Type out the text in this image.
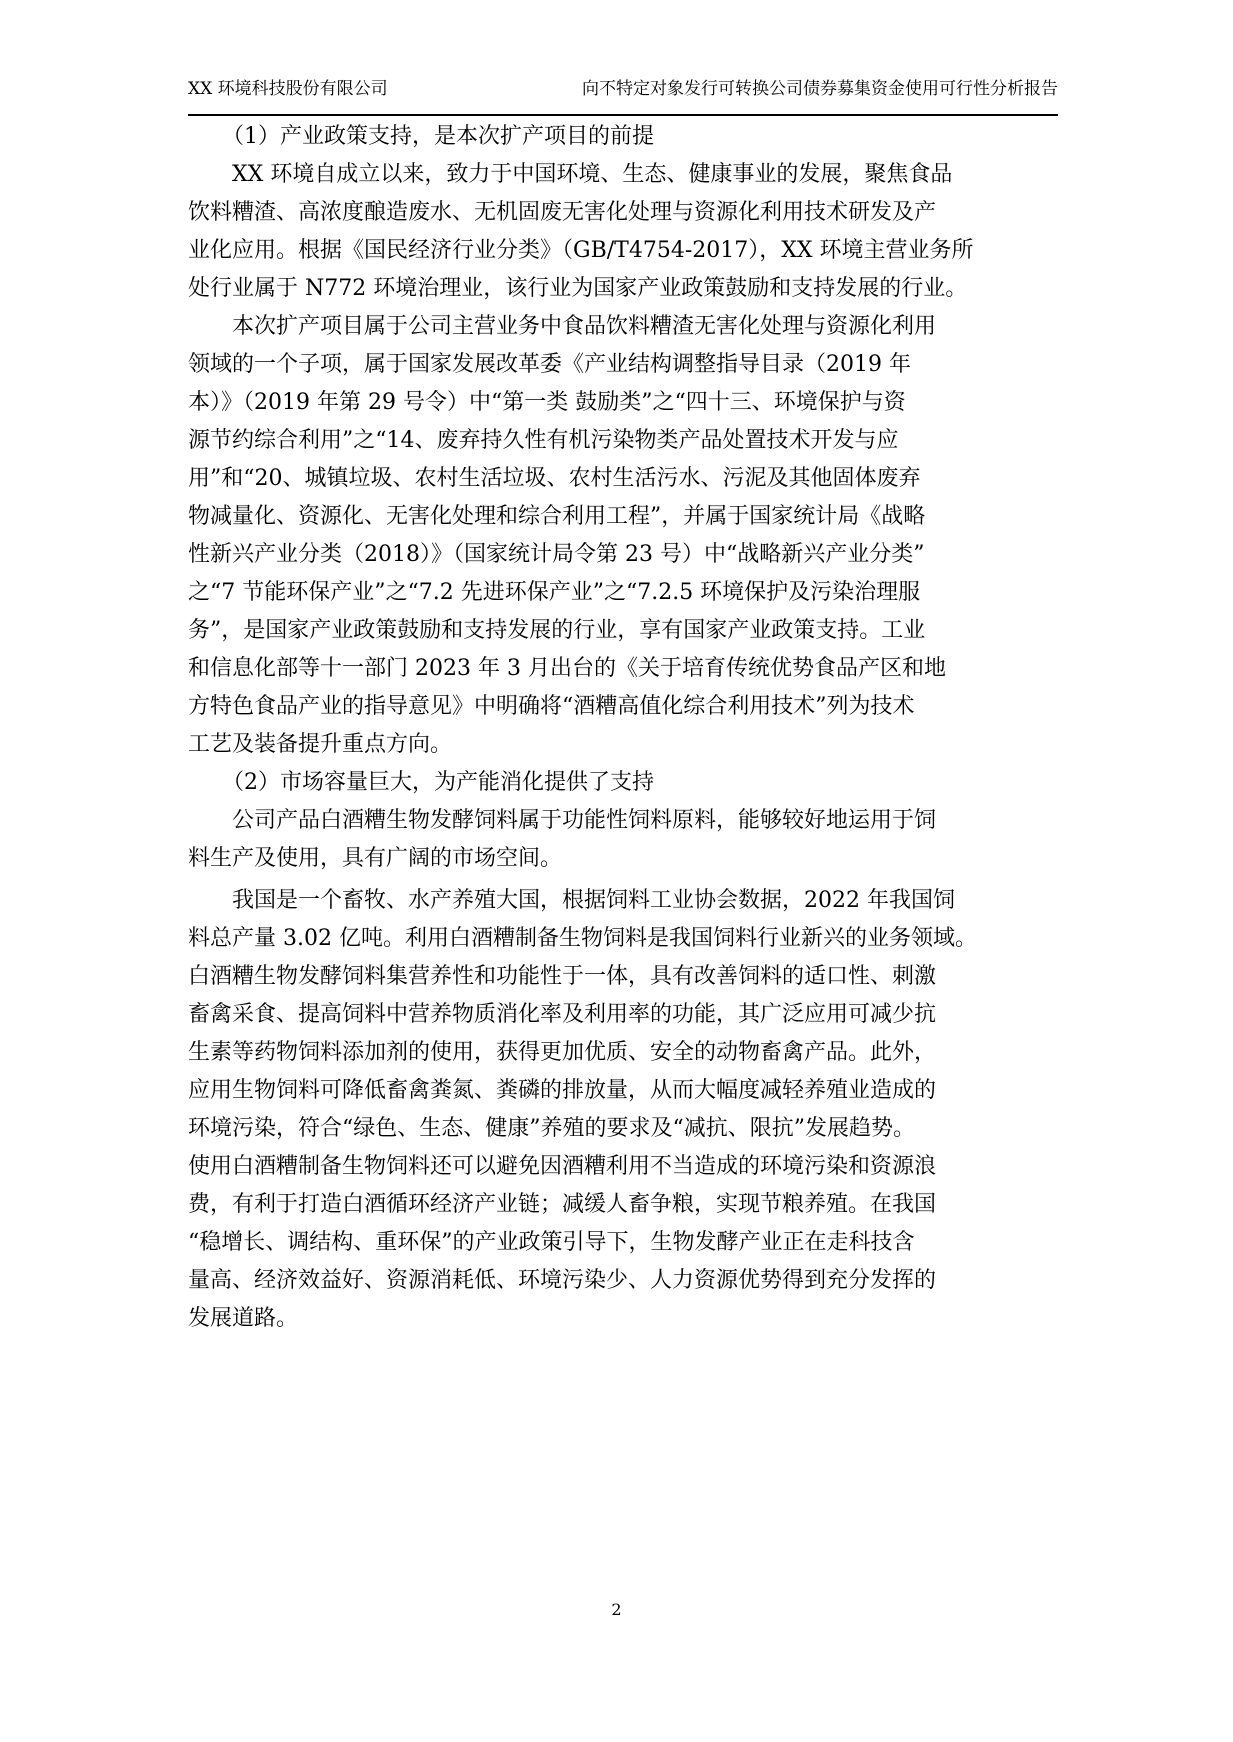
XX 环境科技股份有限公司	向不特定对象发行可转换公司债券募集资金使用可行性分析报告

（1）产业政策支持，是本次扩产项目的前提

XX 环境自成立以来，致力于中国环境、生态、健康事业的发展，聚焦食品

饮料糟渣、高浓度酿造废水、无机固废无害化处理与资源化利用技术研发及产

业化应用。根据《国民经济行业分类》（GB/T4754-2017），XX 环境主营业务所

处行业属于 N772 环境治理业，该行业为国家产业政策鼓励和支持发展的行业。

本次扩产项目属于公司主营业务中食品饮料糟渣无害化处理与资源化利用

领域的一个子项，属于国家发展改革委《产业结构调整指导目录（2019 年

本）》（2019 年第 29 号令）中“第一类 鼓励类”之“四十三、环境保护与资

源节约综合利用”之“14、废弃持久性有机污染物类产品处置技术开发与应

用”和“20、城镇垃圾、农村生活垃圾、农村生活污水、污泥及其他固体废弃

物减量化、资源化、无害化处理和综合利用工程”，并属于国家统计局《战略

性新兴产业分类（2018）》（国家统计局令第 23 号）中“战略新兴产业分类”

之“7 节能环保产业”之“7.2 先进环保产业”之“7.2.5 环境保护及污染治理服

务”，是国家产业政策鼓励和支持发展的行业，享有国家产业政策支持。工业

和信息化部等十一部门 2023 年 3 月出台的《关于培育传统优势食品产区和地

方特色食品产业的指导意见》中明确将“酒糟高值化综合利用技术”列为技术

工艺及装备提升重点方向。

（2）市场容量巨大，为产能消化提供了支持

公司产品白酒糟生物发酵饲料属于功能性饲料原料，能够较好地运用于饲

料生产及使用，具有广阔的市场空间。

我国是一个畜牧、水产养殖大国，根据饲料工业协会数据，2022 年我国饲

料总产量 3.02 亿吨。利用白酒糟制备生物饲料是我国饲料行业新兴的业务领域。

白酒糟生物发酵饲料集营养性和功能性于一体，具有改善饲料的适口性、刺激

畜禽采食、提高饲料中营养物质消化率及利用率的功能，其广泛应用可减少抗

生素等药物饲料添加剂的使用，获得更加优质、安全的动物畜禽产品。此外，

应用生物饲料可降低畜禽粪氮、粪磷的排放量，从而大幅度减轻养殖业造成的

环境污染，符合“绿色、生态、健康”养殖的要求及“减抗、限抗”发展趋势。

使用白酒糟制备生物饲料还可以避免因酒糟利用不当造成的环境污染和资源浪

费，有利于打造白酒循环经济产业链；减缓人畜争粮，实现节粮养殖。在我国

“稳增长、调结构、重环保”的产业政策引导下，生物发酵产业正在走科技含

量高、经济效益好、资源消耗低、环境污染少、人力资源优势得到充分发挥的

发展道路。

2
